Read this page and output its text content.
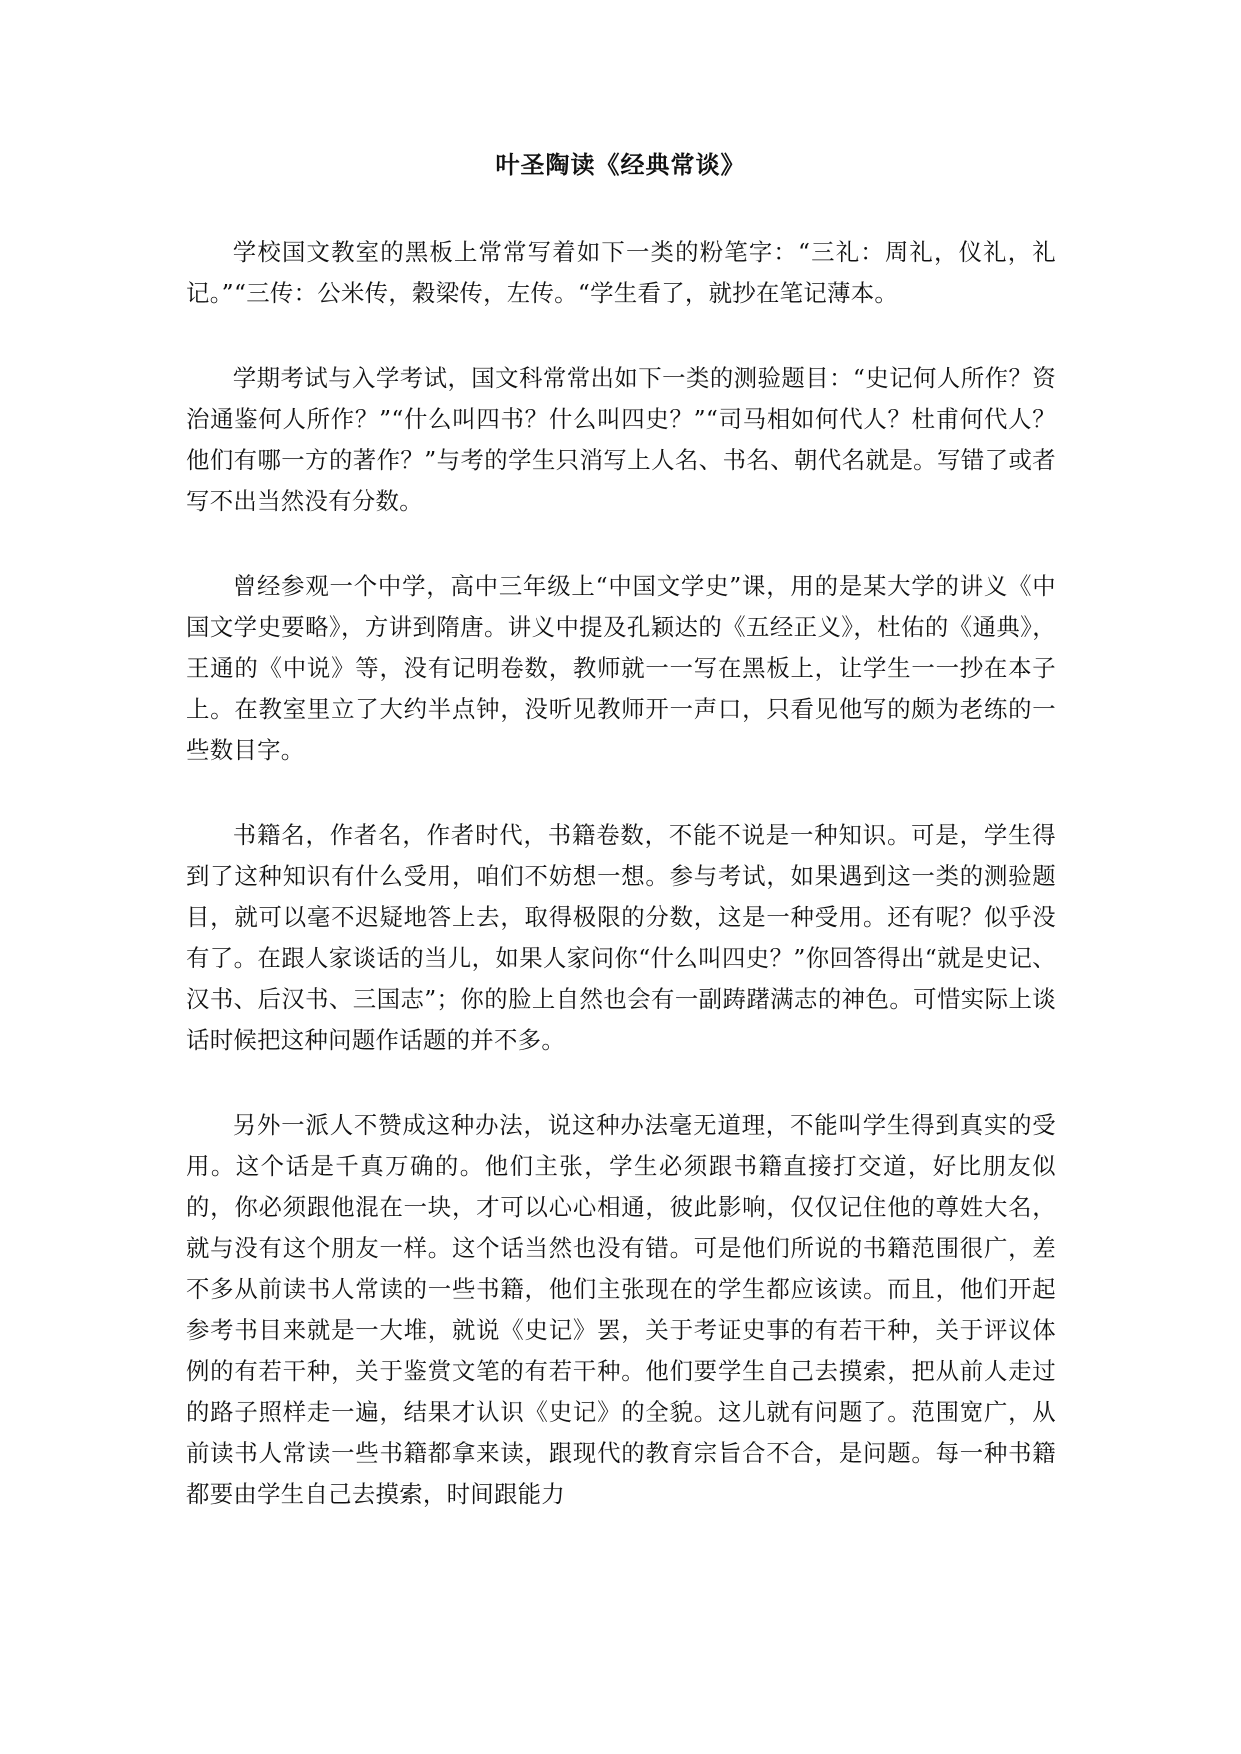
叶圣陶读《经典常谈》

学校国文教室的黑板上常常写着如下一类的粉笔字：“三礼：周礼，仪礼，礼记。”“三传：公米传，穀梁传，左传。“学生看了，就抄在笔记薄本。

学期考试与入学考试，国文科常常出如下一类的测验题目：“史记何人所作？资治通鉴何人所作？”“什么叫四书？什么叫四史？”“司马相如何代人？杜甫何代人？他们有哪一方的著作？”与考的学生只消写上人名、书名、朝代名就是。写错了或者写不出当然没有分数。

曾经参观一个中学，高中三年级上“中国文学史”课，用的是某大学的讲义《中国文学史要略》，方讲到隋唐。讲义中提及孔颖达的《五经正义》，杜佑的《通典》，王通的《中说》等，没有记明卷数，教师就一一写在黑板上，让学生一一抄在本子上。在教室里立了大约半点钟，没听见教师开一声口，只看见他写的颇为老练的一些数目字。

书籍名，作者名，作者时代，书籍卷数，不能不说是一种知识。可是，学生得到了这种知识有什么受用，咱们不妨想一想。参与考试，如果遇到这一类的测验题目，就可以毫不迟疑地答上去，取得极限的分数，这是一种受用。还有呢？似乎没有了。在跟人家谈话的当儿，如果人家问你“什么叫四史？”你回答得出“就是史记、汉书、后汉书、三国志”；你的脸上自然也会有一副踌躇满志的神色。可惜实际上谈话时候把这种问题作话题的并不多。

另外一派人不赞成这种办法，说这种办法毫无道理，不能叫学生得到真实的受用。这个话是千真万确的。他们主张，学生必须跟书籍直接打交道，好比朋友似的，你必须跟他混在一块，才可以心心相通，彼此影响，仅仅记住他的尊姓大名，就与没有这个朋友一样。这个话当然也没有错。可是他们所说的书籍范围很广，差不多从前读书人常读的一些书籍，他们主张现在的学生都应该读。而且，他们开起参考书目来就是一大堆，就说《史记》罢，关于考证史事的有若干种，关于评议体例的有若干种，关于鉴赏文笔的有若干种。他们要学生自己去摸索，把从前人走过的路子照样走一遍，结果才认识《史记》的全貌。这儿就有问题了。范围宽广，从前读书人常读一些书籍都拿来读，跟现代的教育宗旨合不合，是问题。每一种书籍都要由学生自己去摸索，时间跟能力
